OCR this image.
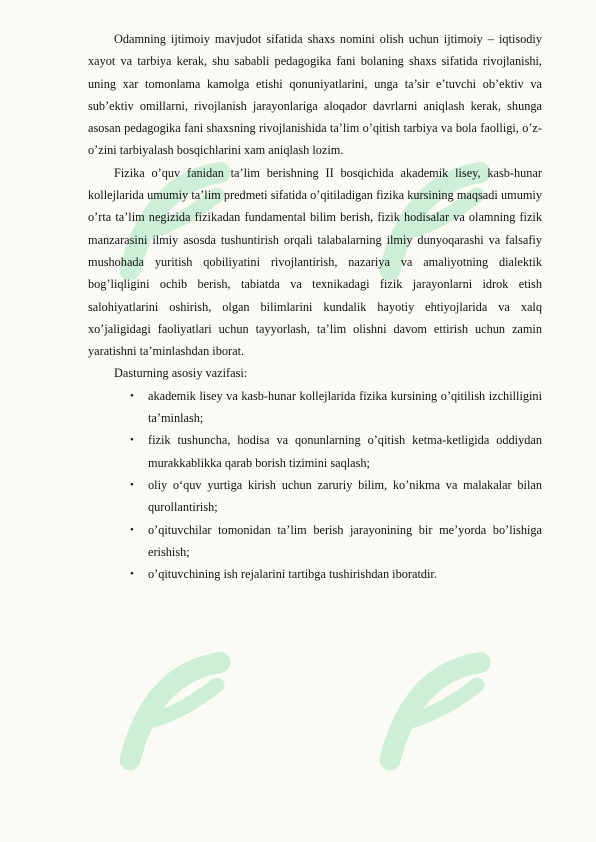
Odamning ijtimoiy mavjudot sifatida shaxs nomini olish uchun ijtimoiy – iqtisodiy xayot va tarbiya kerak, shu sababli pedagogika fani bolaning shaxs sifatida rivojlanishi, uning xar tomonlama kamolga etishi qonuniyatlarini, unga ta’sir e’tuvchi ob’ektiv va sub’ektiv omillarni, rivojlanish jarayonlariga aloqador davrlarni aniqlash kerak, shunga asosan pedagogika fani shaxsning rivojlanishida ta’lim o’qitish tarbiya va bola faolligi, o’z-o’zini tarbiyalash bosqichlarini xam aniqlash lozim.

Fizika o’quv fanidan ta’lim berishning II bosqichida akademik lisey, kasb-hunar kollejlarida umumiy ta’lim predmeti sifatida o’qitiladigan fizika kursining maqsadi umumiy o’rta ta’lim negizida fizikadan fundamental bilim berish, fizik hodisalar va olamning fizik manzarasini ilmiy asosda tushuntirish orqali talabalarning ilmiy dunyoqarashi va falsafiy mushohada yuritish qobiliyatini rivojlantirish, nazariya va amaliyotning dialektik bog’liqligini ochib berish, tabiatda va texnikadagi fizik jarayonlarni idrok etish salohiyatlarini oshirish, olgan bilimlarini kundalik hayotiy ehtiyojlarida va xalq xo’jaligidagi faoliyatlari uchun tayyorlash, ta’lim olishni davom ettirish uchun zamin yaratishni ta’minlashdan iborat.

Dasturning asosiy vazifasi:

• akademik lisey va kasb-hunar kollejlarida fizika kursining o’qitilish izchilligini ta’minlash;
• fizik tushuncha, hodisa va qonunlarning o’qitish ketma-ketligida oddiydan murakkablikka qarab borish tizimini saqlash;
• oliy o‘quv yurtiga kirish uchun zaruriy bilim, ko’nikma va malakalar bilan qurollantirish;
• o’qituvchilar tomonidan ta’lim berish jarayonining bir me’yorda bo’lishiga erishish;
• o’qituvchining ish rejalarini tartibga tushirishdan iboratdir.
